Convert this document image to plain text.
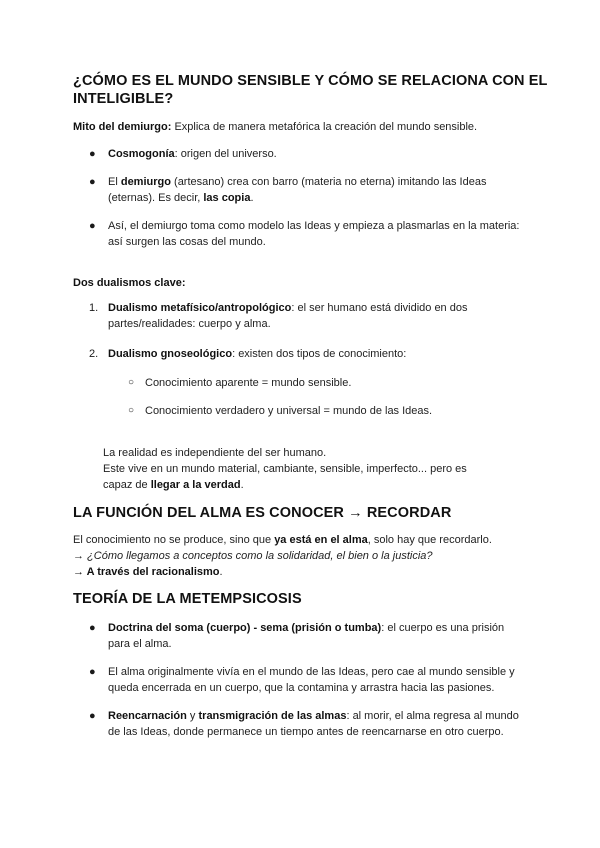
¿CÓMO ES EL MUNDO SENSIBLE Y CÓMO SE RELACIONA CON EL
INTELIGIBLE?
Mito del demiurgo: Explica de manera metafórica la creación del mundo sensible.
● Cosmogonía: origen del universo.
● El demiurgo (artesano) crea con barro (materia no eterna) imitando las Ideas
(eternas). Es decir, las copia.
● Así, el demiurgo toma como modelo las Ideas y empieza a plasmarlas en la materia:
así surgen las cosas del mundo.
Dos dualismos clave:
1. Dualismo metafísico/antropológico: el ser humano está dividido en dos
partes/realidades: cuerpo y alma.
2. Dualismo gnoseológico: existen dos tipos de conocimiento:
○ Conocimiento aparente = mundo sensible.
○ Conocimiento verdadero y universal = mundo de las Ideas.
La realidad es independiente del ser humano.
Este vive en un mundo material, cambiante, sensible, imperfecto... pero es
capaz de llegar a la verdad.
LA FUNCIÓN DEL ALMA ES CONOCER → RECORDAR
El conocimiento no se produce, sino que ya está en el alma, solo hay que recordarlo.
→ ¿Cómo llegamos a conceptos como la solidaridad, el bien o la justicia?
→ A través del racionalismo.
TEORÍA DE LA METEMPSICOSIS
● Doctrina del soma (cuerpo) - sema (prisión o tumba): el cuerpo es una prisión
para el alma.
● El alma originalmente vivía en el mundo de las Ideas, pero cae al mundo sensible y
queda encerrada en un cuerpo, que la contamina y arrastra hacia las pasiones.
● Reencarnación y transmigración de las almas: al morir, el alma regresa al mundo
de las Ideas, donde permanece un tiempo antes de reencarnarse en otro cuerpo.
